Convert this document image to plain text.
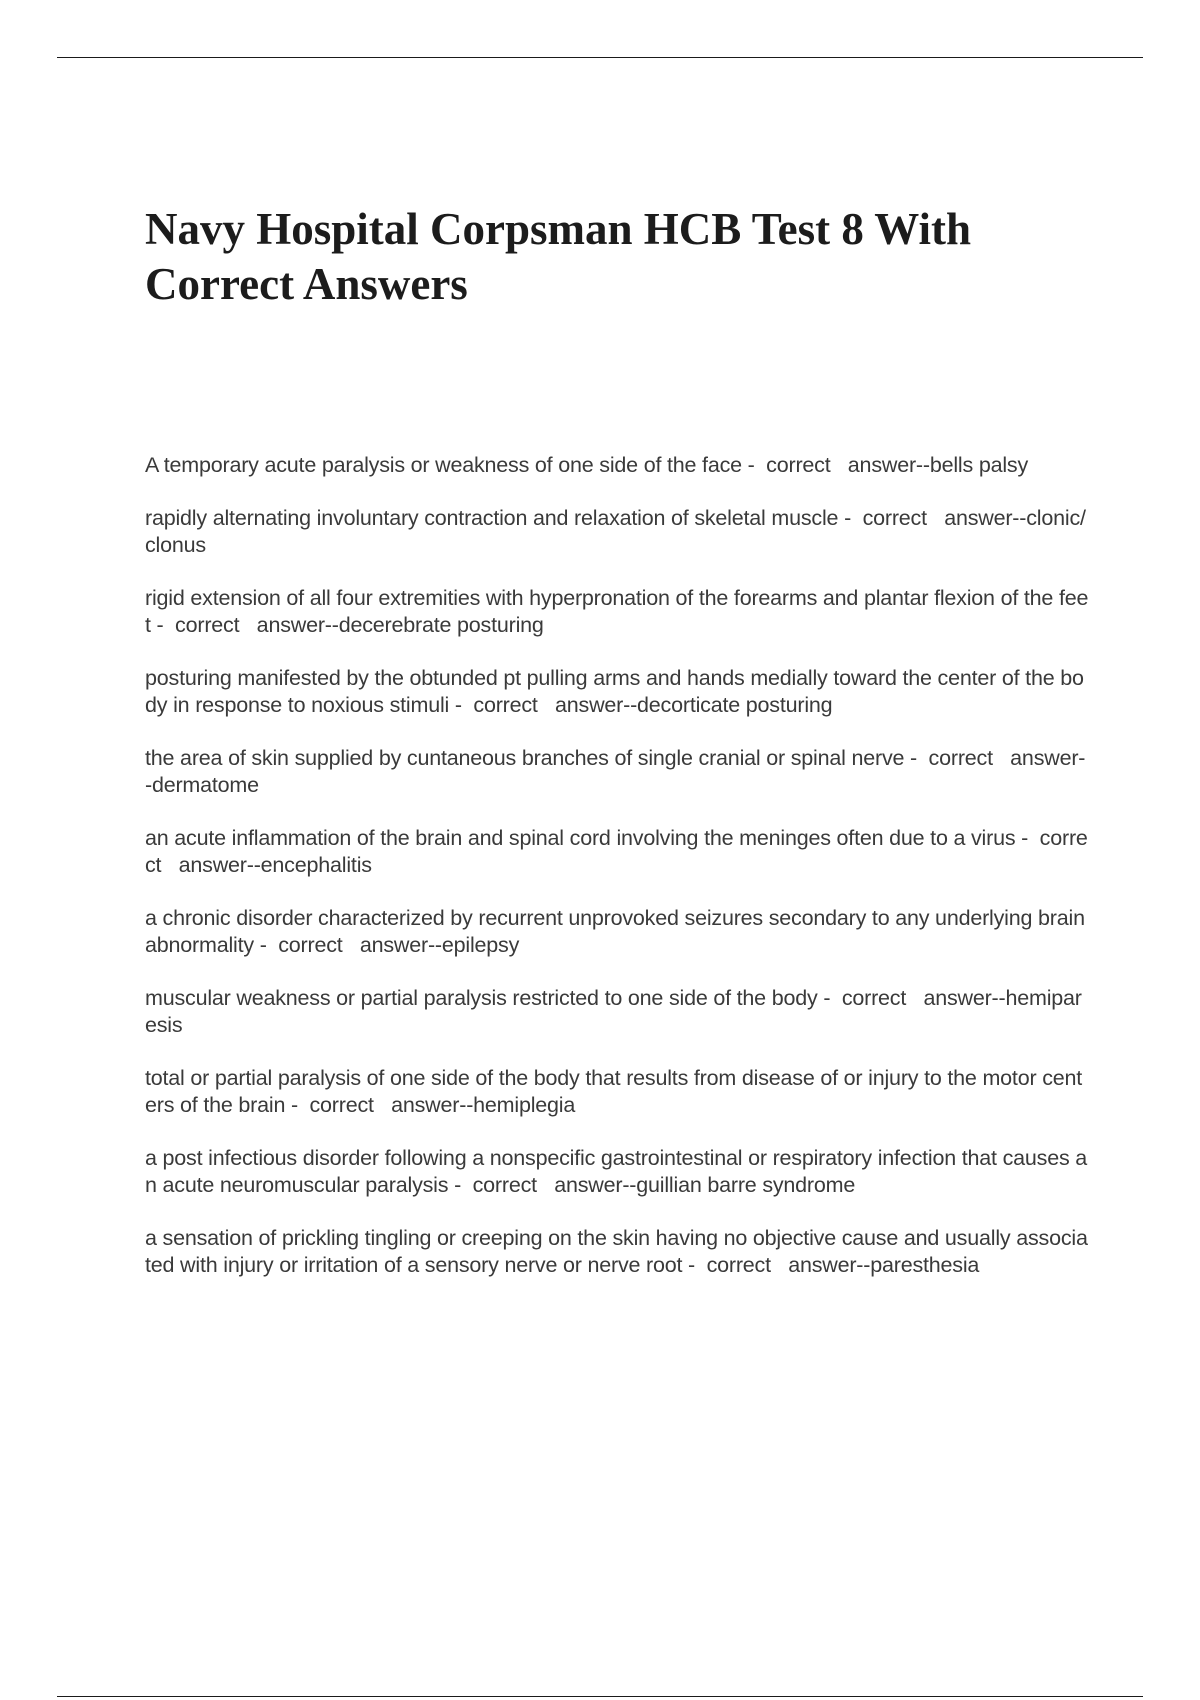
Navy Hospital Corpsman HCB Test 8 With Correct Answers
A temporary acute paralysis or weakness of one side of the face -  correct   answer--bells palsy
rapidly alternating involuntary contraction and relaxation of skeletal muscle -  correct   answer--clonic/clonus
rigid extension of all four extremities with hyperpronation of the forearms and plantar flexion of the feet -  correct   answer--decerebrate posturing
posturing manifested by the obtunded pt pulling arms and hands medially toward the center of the body in response to noxious stimuli -  correct   answer--decorticate posturing
the area of skin supplied by cuntaneous branches of single cranial or spinal nerve -  correct   answer--dermatome
an acute inflammation of the brain and spinal cord involving the meninges often due to a virus -  correct   answer--encephalitis
a chronic disorder characterized by recurrent unprovoked seizures secondary to any underlying brain abnormality -  correct   answer--epilepsy
muscular weakness or partial paralysis restricted to one side of the body -  correct   answer--hemiparesis
total or partial paralysis of one side of the body that results from disease of or injury to the motor centers of the brain -  correct   answer--hemiplegia
a post infectious disorder following a nonspecific gastrointestinal or respiratory infection that causes an acute neuromuscular paralysis -  correct   answer--guillian barre syndrome
a sensation of prickling tingling or creeping on the skin having no objective cause and usually associated with injury or irritation of a sensory nerve or nerve root -  correct   answer--paresthesia
